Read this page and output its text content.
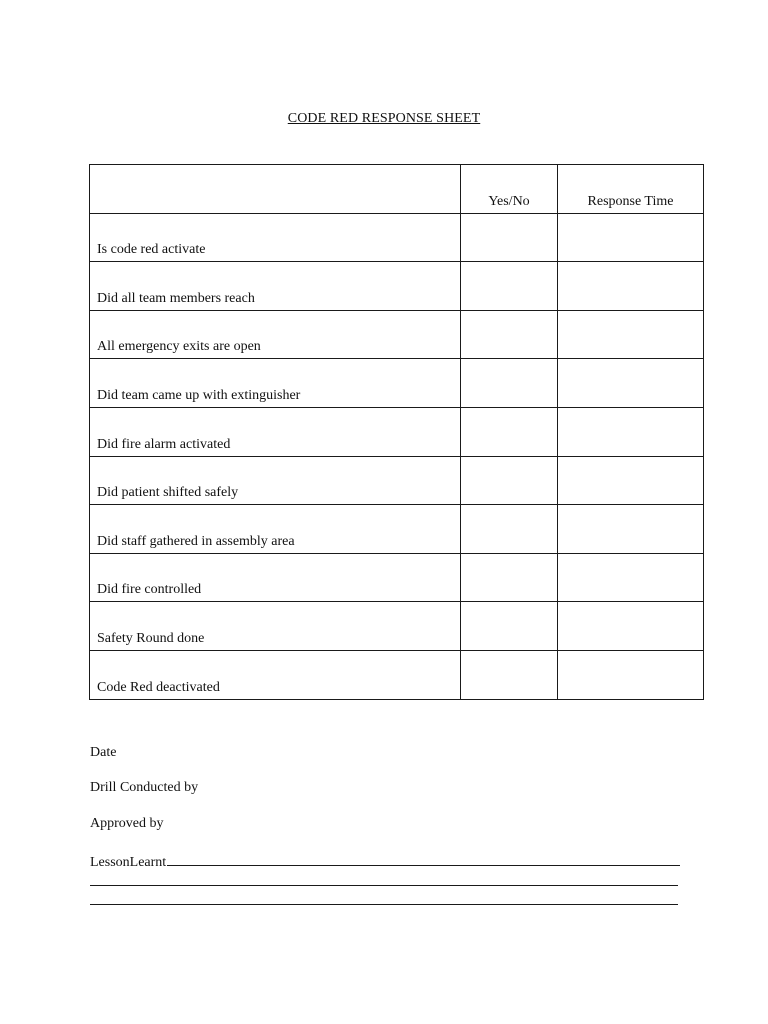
CODE RED RESPONSE SHEET
	Yes/No	Response Time
Is code red activate		
Did all team members reach		
All emergency exits are open		
Did team came up with extinguisher		
Did fire alarm activated		
Did patient shifted safely		
Did staff gathered in assembly area		
Did fire controlled		
Safety Round done		
Code Red deactivated		
Date
Drill Conducted by
Approved by
LessonLearnt
